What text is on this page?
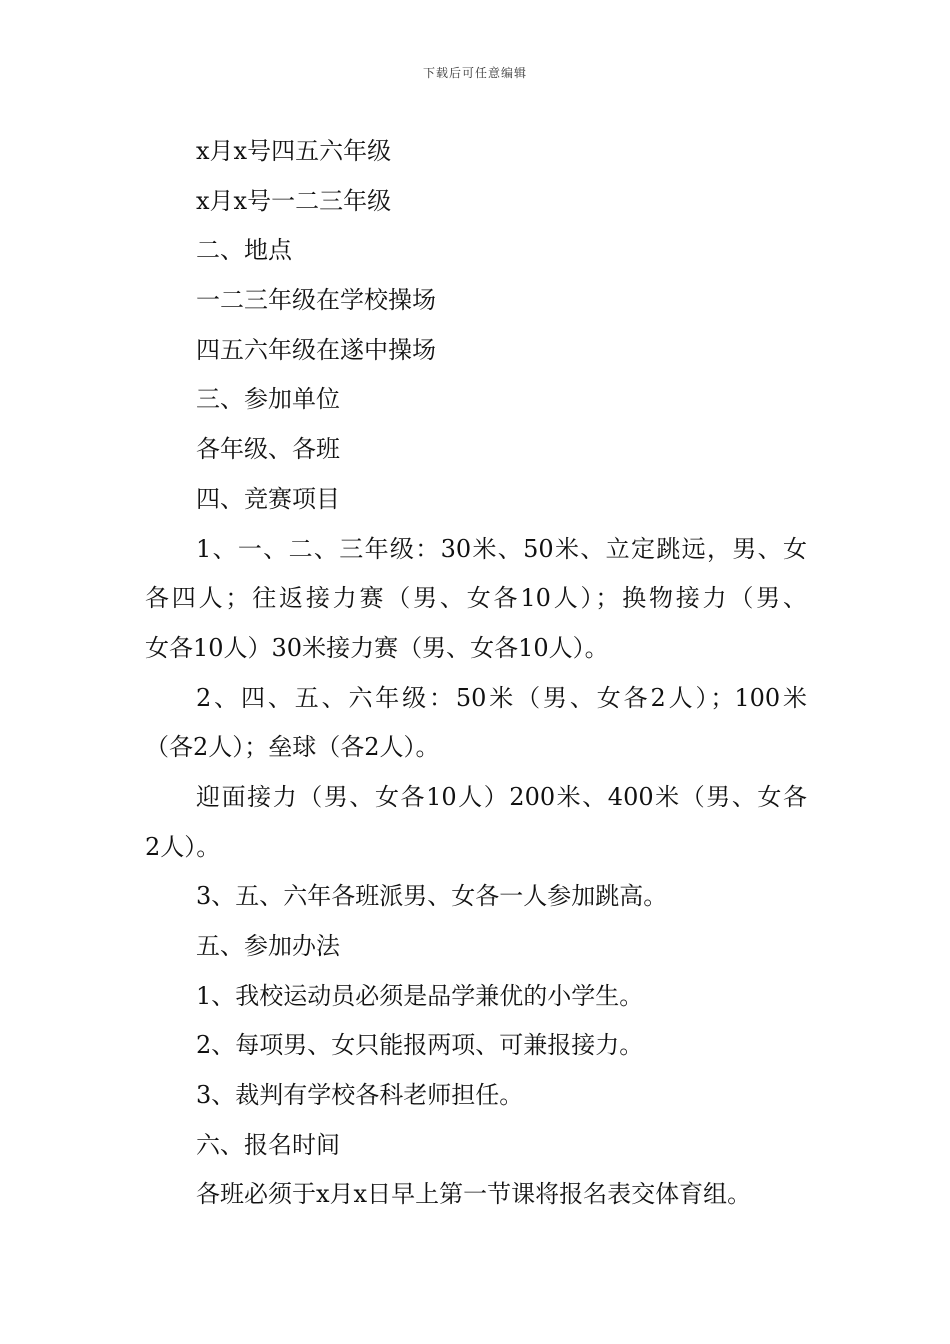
下载后可任意编辑
x月x号四五六年级
x月x号一二三年级
二、地点
一二三年级在学校操场
四五六年级在遂中操场
三、参加单位
各年级、各班
四、竞赛项目
1、一、二、三年级：30米、50米、立定跳远，男、女
各四人；往返接力赛（男、女各10人）；换物接力（男、
女各10人）30米接力赛（男、女各10人）。
2、四、五、六年级：50米（男、女各2人）；100米
（各2人）；垒球（各2人）。
迎面接力（男、女各10人）200米、400米（男、女各
2人）。
3、五、六年各班派男、女各一人参加跳高。
五、参加办法
1、我校运动员必须是品学兼优的小学生。
2、每项男、女只能报两项、可兼报接力。
3、裁判有学校各科老师担任。
六、报名时间
各班必须于x月x日早上第一节课将报名表交体育组。
